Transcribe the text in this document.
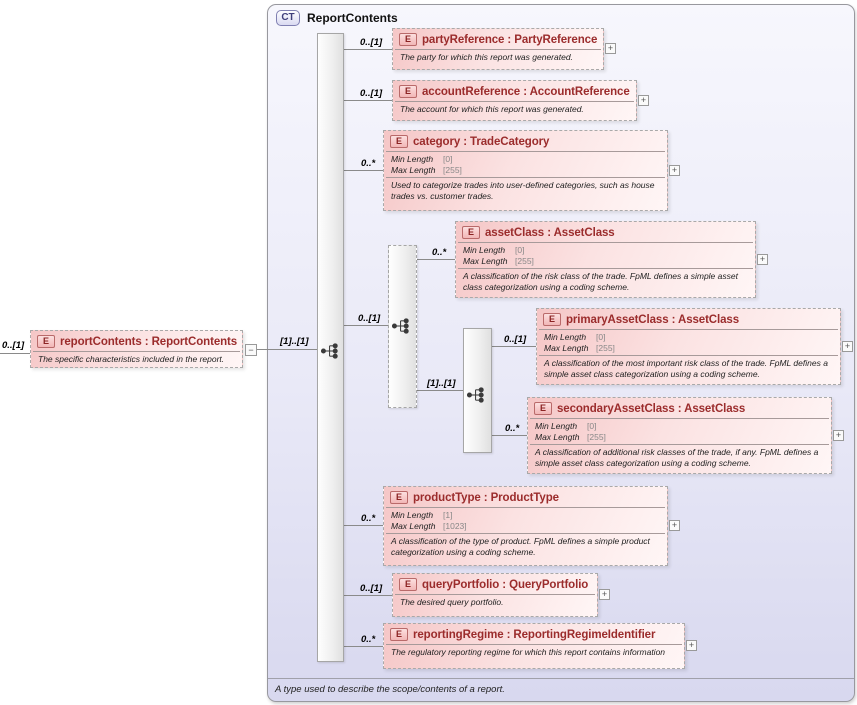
CT	ReportContents
A type used to describe the scope/contents of a report.
0..[1]	[1]..[1]
0..[1]
0..[1]
0..*
0..[1]
0..*
[1]..[1]
0..[1]
0..*
0..*
0..[1]
0..*
E reportContents : ReportContents
The specific characteristics included in the report.
−
E partyReference : PartyReference
The party for which this report was generated.
+
E accountReference : AccountReference
The account for which this report was generated.
+
E category : TradeCategory
Min Length	[0]
Max Length [255]
Used to categorize trades into user-defined categories, such as house trades vs. customer trades.
+
E assetClass : AssetClass
Min Length	[0]
Max Length [255]
A classification of the risk class of the trade. FpML defines a simple asset class categorization using a coding scheme.
+
E primaryAssetClass : AssetClass
Min Length	[0]
Max Length [255]
A classification of the most important risk class of the trade. FpML defines a simple asset class categorization using a coding scheme.
+
E secondaryAssetClass : AssetClass
Min Length	[0]
Max Length [255]
A classification of additional risk classes of the trade, if any. FpML defines a simple asset class categorization using a coding scheme.
+
E productType : ProductType
Min Length	[1]
Max Length [1023]
A classification of the type of product. FpML defines a simple product categorization using a coding scheme.
+
E queryPortfolio : QueryPortfolio
The desired query portfolio.
+
E reportingRegime : ReportingRegimeIdentifier
The regulatory reporting regime for which this report contains information
+
